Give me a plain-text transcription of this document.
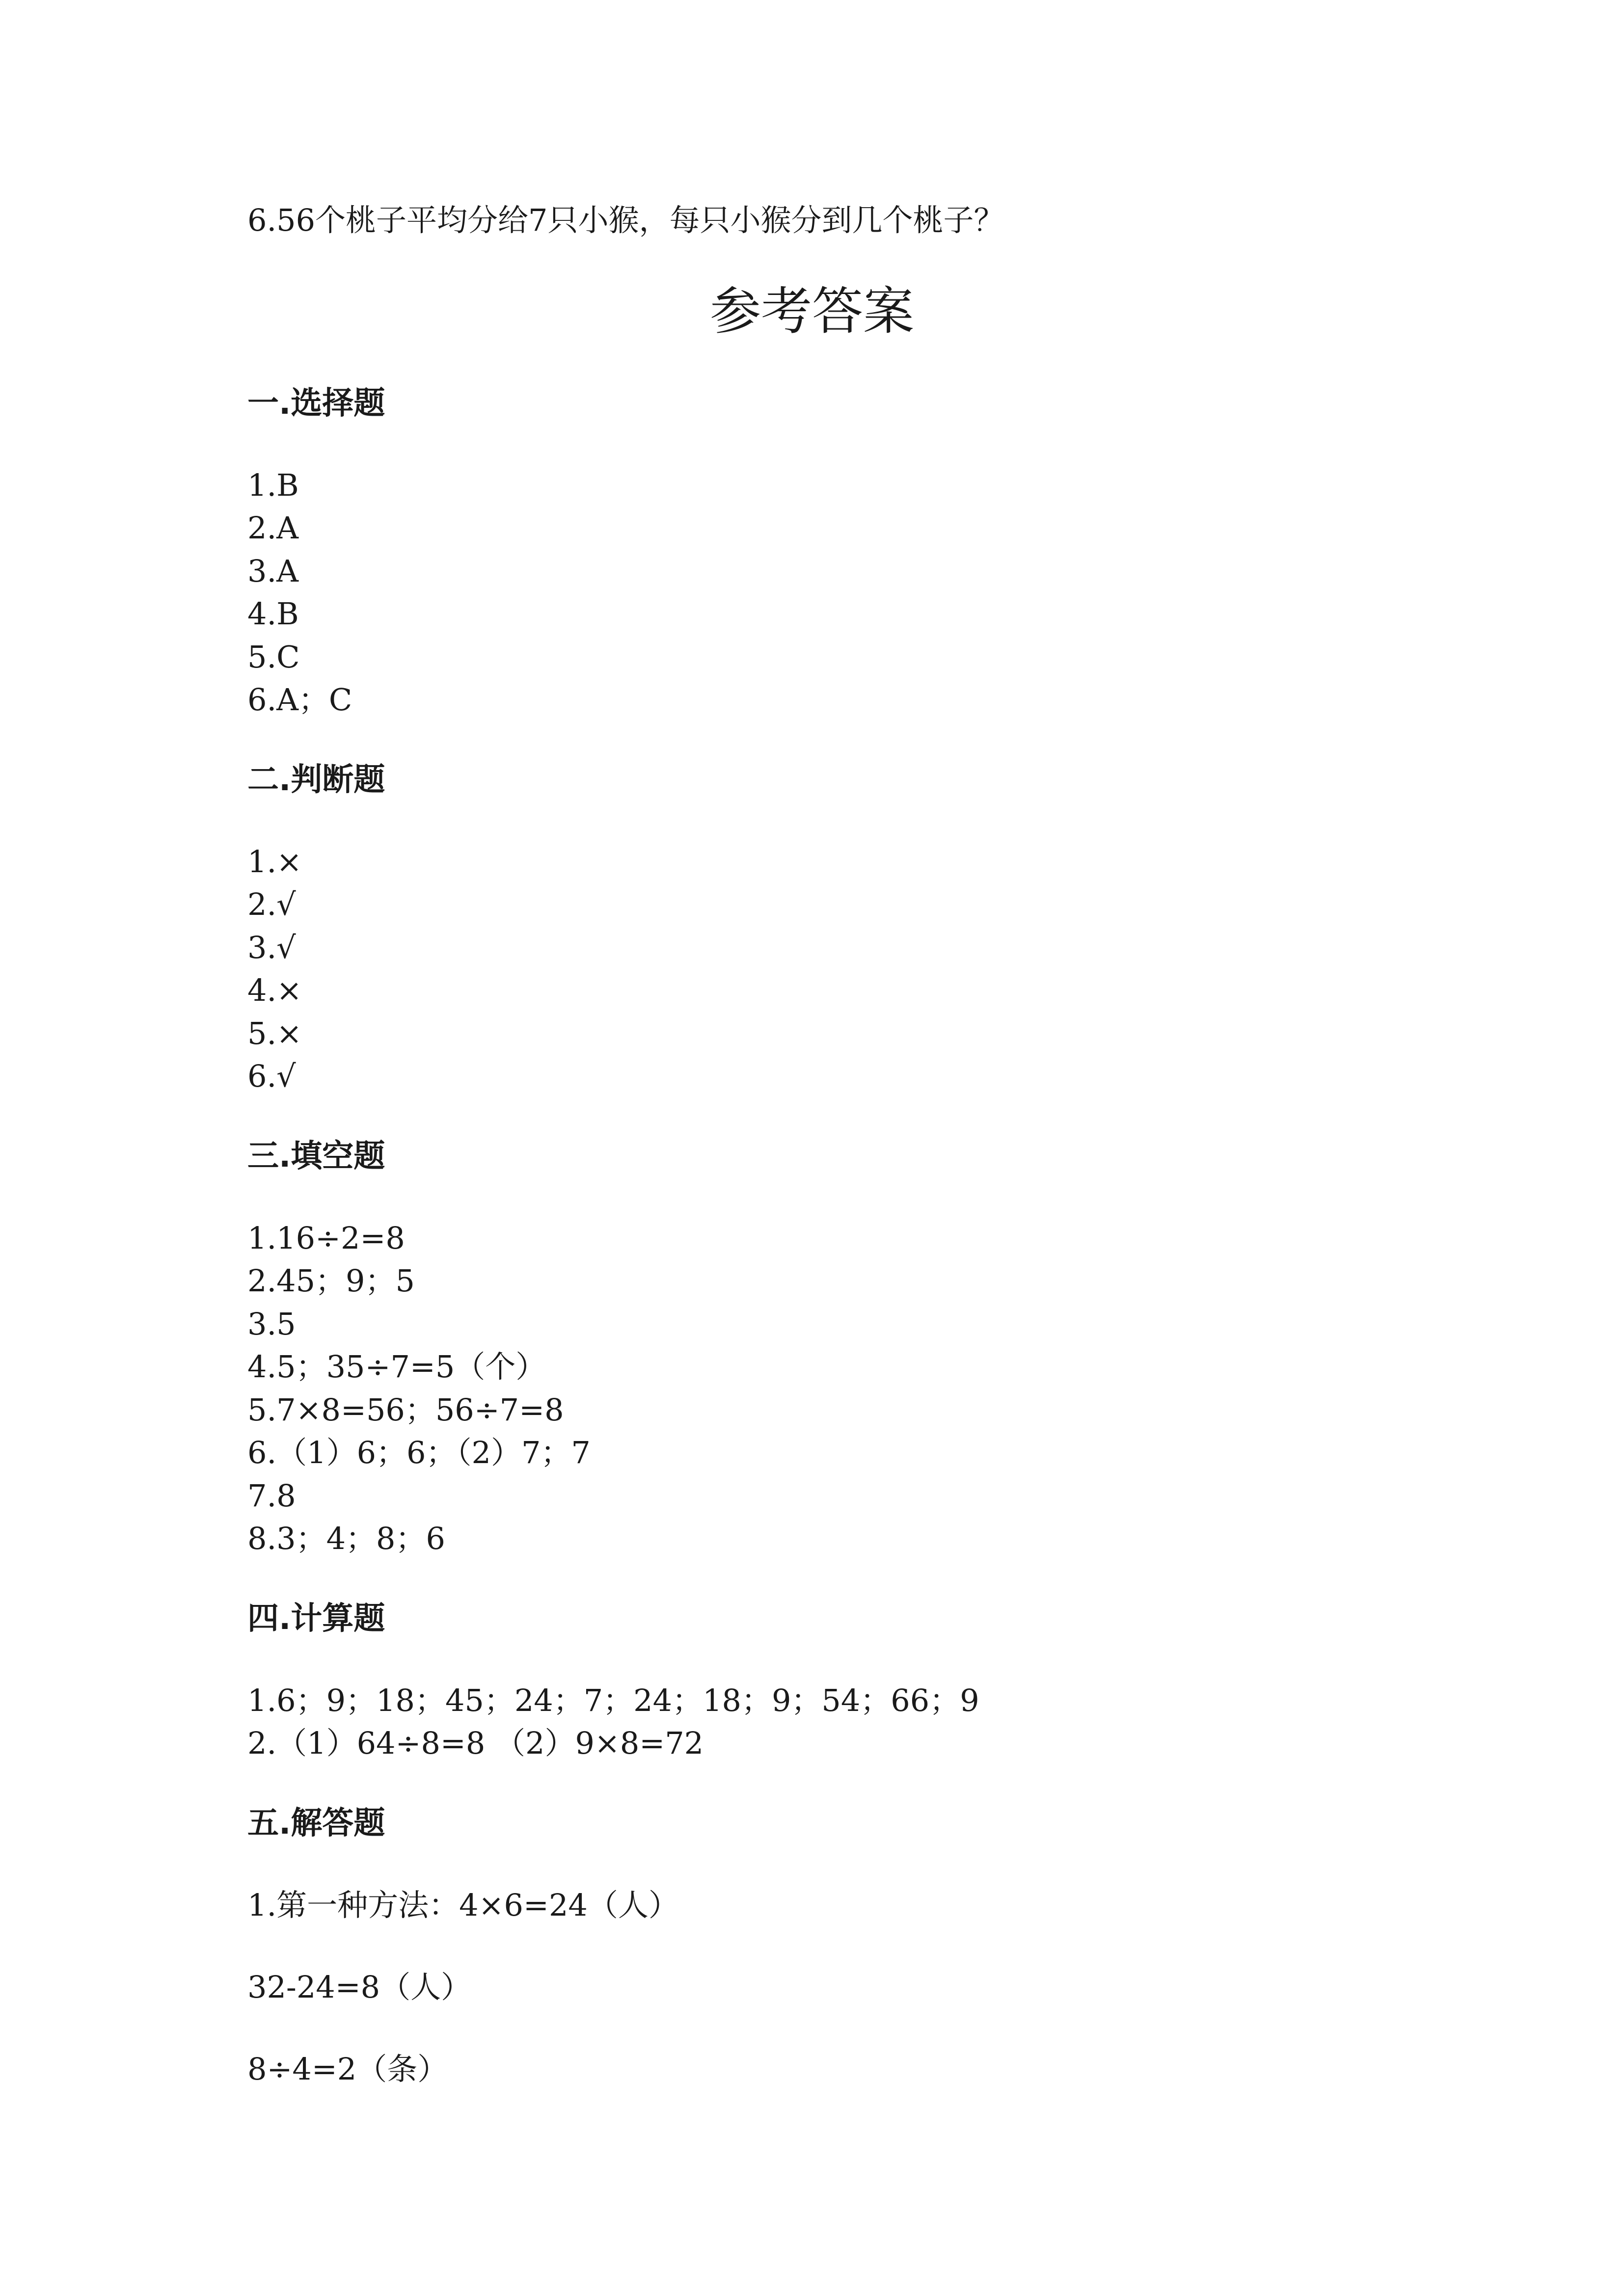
6.56个桃子平均分给7只小猴，每只小猴分到几个桃子？
参考答案
一.选择题
1.B
2.A
3.A
4.B
5.C
6.A；C
二.判断题
1.×
2.√
3.√
4.×
5.×
6.√
三.填空题
1.16÷2=8
2.45；9；5
3.5
4.5；35÷7=5（个）
5.7×8=56；56÷7=8
6.（1）6；6；（2）7；7
7.8
8.3；4；8；6
四.计算题
1.6；9；18；45；24；7；24；18；9；54；66；9
2.（1）64÷8=8 （2）9×8=72
五.解答题
1.第一种方法：4×6=24（人）
32-24=8（人）
8÷4=2（条）
